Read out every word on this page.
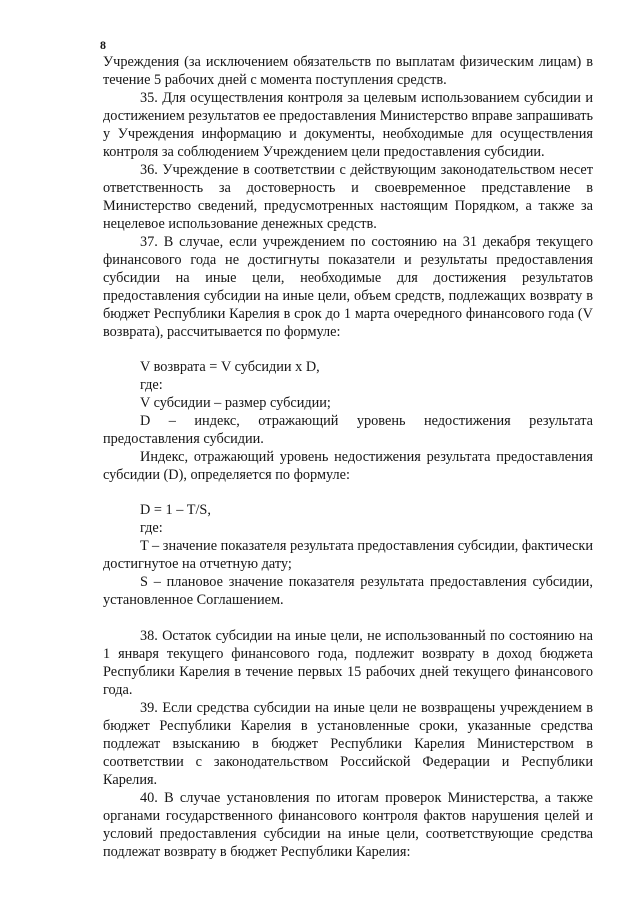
8

Учреждения (за исключением обязательств по выплатам физическим лицам) в течение 5 рабочих дней с момента поступления средств.

35. Для осуществления контроля за целевым использованием субсидии и достижением результатов ее предоставления Министерство вправе запрашивать у Учреждения информацию и документы, необходимые для осуществления контроля за соблюдением Учреждением цели предоставления субсидии.

36. Учреждение в соответствии с действующим законодательством несет ответственность за достоверность и своевременное представление в Министерство сведений, предусмотренных настоящим Порядком, а также за нецелевое использование денежных средств.

37. В случае, если учреждением по состоянию на 31 декабря текущего финансового года не достигнуты показатели и результаты предоставления субсидии на иные цели, необходимые для достижения результатов предоставления субсидии на иные цели, объем средств, подлежащих возврату в бюджет Республики Карелия в срок до 1 марта очередного финансового года (V возврата), рассчитывается по формуле:

V возврата = V субсидии x D,

где:

V субсидии – размер субсидии;

D – индекс, отражающий уровень недостижения результата предоставления субсидии.

Индекс, отражающий уровень недостижения результата предоставления субсидии (D), определяется по формуле:

D = 1 – T/S,

где:

T – значение показателя результата предоставления субсидии, фактически достигнутое на отчетную дату;

S – плановое значение показателя результата предоставления субсидии, установленное Соглашением.

38. Остаток субсидии на иные цели, не использованный по состоянию на 1 января текущего финансового года, подлежит возврату в доход бюджета Республики Карелия в течение первых 15 рабочих дней текущего финансового года.

39. Если средства субсидии на иные цели не возвращены учреждением в бюджет Республики Карелия в установленные сроки, указанные средства подлежат взысканию в бюджет Республики Карелия Министерством в соответствии с законодательством Российской Федерации и Республики Карелия.

40. В случае установления по итогам проверок Министерства, а также органами государственного финансового контроля фактов нарушения целей и условий предоставления субсидии на иные цели, соответствующие средства подлежат возврату в бюджет Республики Карелия:
